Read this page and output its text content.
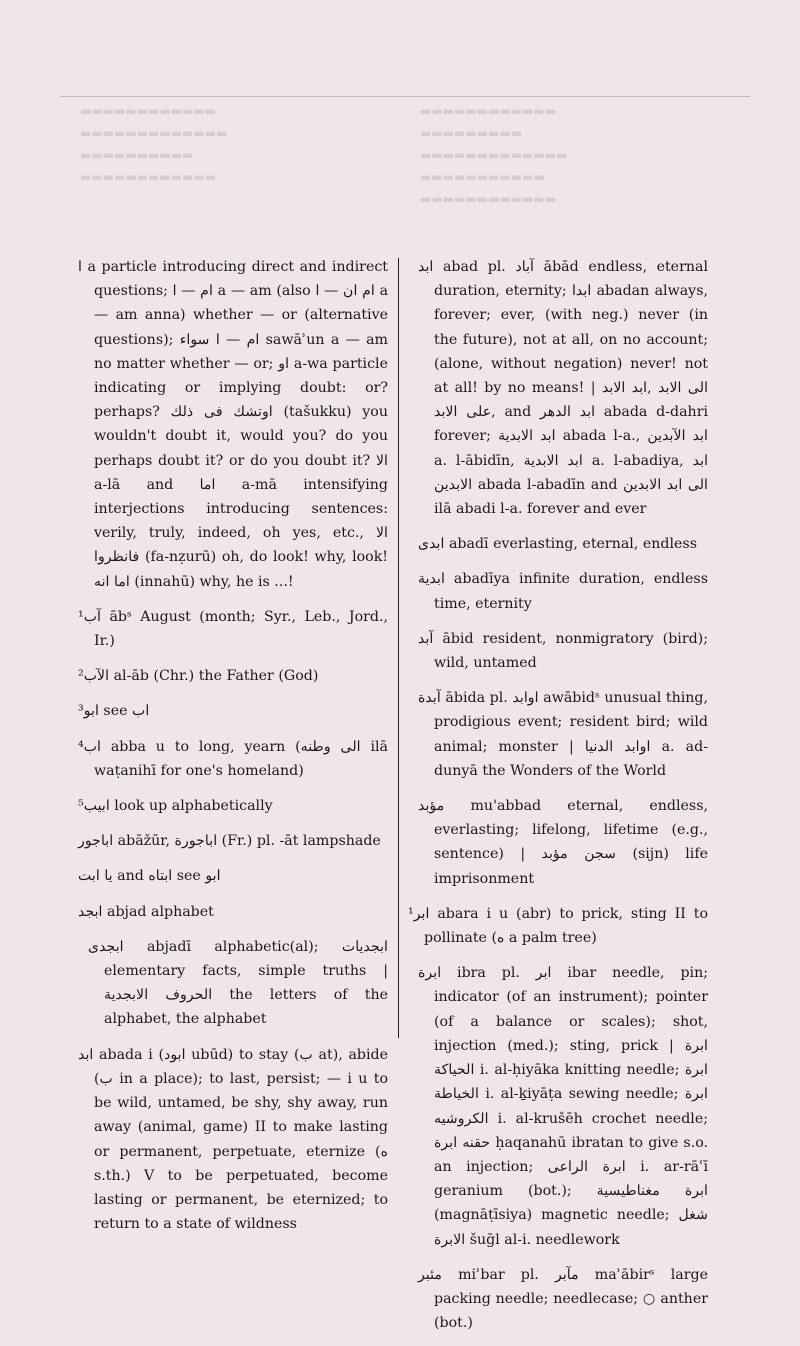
▬▬▬▬▬▬▬▬▬▬▬▬
▬▬▬▬▬▬▬▬▬
▬▬▬▬▬▬▬▬▬▬▬▬▬
▬▬▬▬▬▬▬▬▬▬▬
▬▬▬▬▬▬▬▬▬▬▬▬
▬▬▬▬▬▬▬▬▬▬▬▬
▬▬▬▬▬▬▬▬▬▬▬▬▬
▬▬▬▬▬▬▬▬▬▬
▬▬▬▬▬▬▬▬▬▬▬▬

ا a particle introducing direct and indirect questions; ام — ا a — am (also ام ان — ا a — am anna) whether — or (alternative questions); ام — ا سواء sawāʾun a — am no matter whether — or; او a-wa particle indicating or implying doubt: or? perhaps? اوتشك فى ذلك (tašukku) you wouldn't doubt it, would you? do you perhaps doubt it? or do you doubt it? الا a-lā and اما a-mā intensifying interjections introducing sentences: verily, truly, indeed, oh yes, etc., الا فانظروا (fa-nẓurū) oh, do look! why, look! اما انه (innahū) why, he is ...!

¹آب ābˢ August (month; Syr., Leb., Jord., Ir.)

²الآب al-āb (Chr.) the Father (God)

³ابو see اب

⁴اب abba u to long, yearn (الى وطنه ilā waṭanihī for one's homeland)

⁵ابيب look up alphabetically

اباجور abāžūr, اباجورة (Fr.) pl. -āt lampshade

يا ابت and ابتاه see ابو

ابجد abjad alphabet

ابجدى abjadī alphabetic(al); ابجديات elementary facts, simple truths | الحروف الابجدية the letters of the alphabet, the alphabet

ابد abada i (ابود ubūd) to stay (ب at), abide (ب in a place); to last, persist; — i u to be wild, untamed, be shy, shy away, run away (animal, game) II to make lasting or permanent, perpetuate, eternize (ه s.th.) V to be perpetuated, become lasting or permanent, be eternized; to return to a state of wildness

ابد abad pl. آباد ābād endless, eternal duration, eternity; ابدا abadan always, forever; ever, (with neg.) never (in the future), not at all, on no account; (alone, without negation) never! not at all! by no means! | الى الابد ,ابد الابد ,على الابد and ابد الدهر abada d-dahri forever; ابد الابدية abada l-a., ابد الآبدين a. l-ābidīn, ابد الابدية a. l-abadiya, ابد الابدين abada l-abadīn and الى ابد الابدين ilā abadi l-a. forever and ever

ابدى abadī everlasting, eternal, endless

ابدية abadīya infinite duration, endless time, eternity

آبد ābid resident, nonmigratory (bird); wild, untamed

آبدة ābida pl. اوابد awābidˢ unusual thing, prodigious event; resident bird; wild animal; monster | اوابد الدنيا a. ad-dunyā the Wonders of the World

مؤبد mu'abbad eternal, endless, everlasting; lifelong, lifetime (e.g., sentence) | سجن مؤبد (sijn) life imprisonment

¹ابر abara i u (abr) to prick, sting II to pollinate (ه a palm tree)

ابرة ibra pl. ابر ibar needle, pin; indicator (of an instrument); pointer (of a balance or scales); shot, injection (med.); sting, prick | ابرة الحياكة i. al-ḥiyāka knitting needle; ابرة الخياطة i. al-ḵiyāṭa sewing needle; ابرة الكروشيه i. al-krušēh crochet needle; حقنه ابرة ḥaqanahū ibratan to give s.o. an injection; ابرة الراعى i. ar-rāʿī geranium (bot.); ابرة مغناطيسية (magnāṭīsiya) magnetic needle; شغل الابرة šuḡl al-i. needlework

مئبر miʾbar pl. مآبر maʾābirˢ large packing needle; needlecase; ○ anther (bot.)
